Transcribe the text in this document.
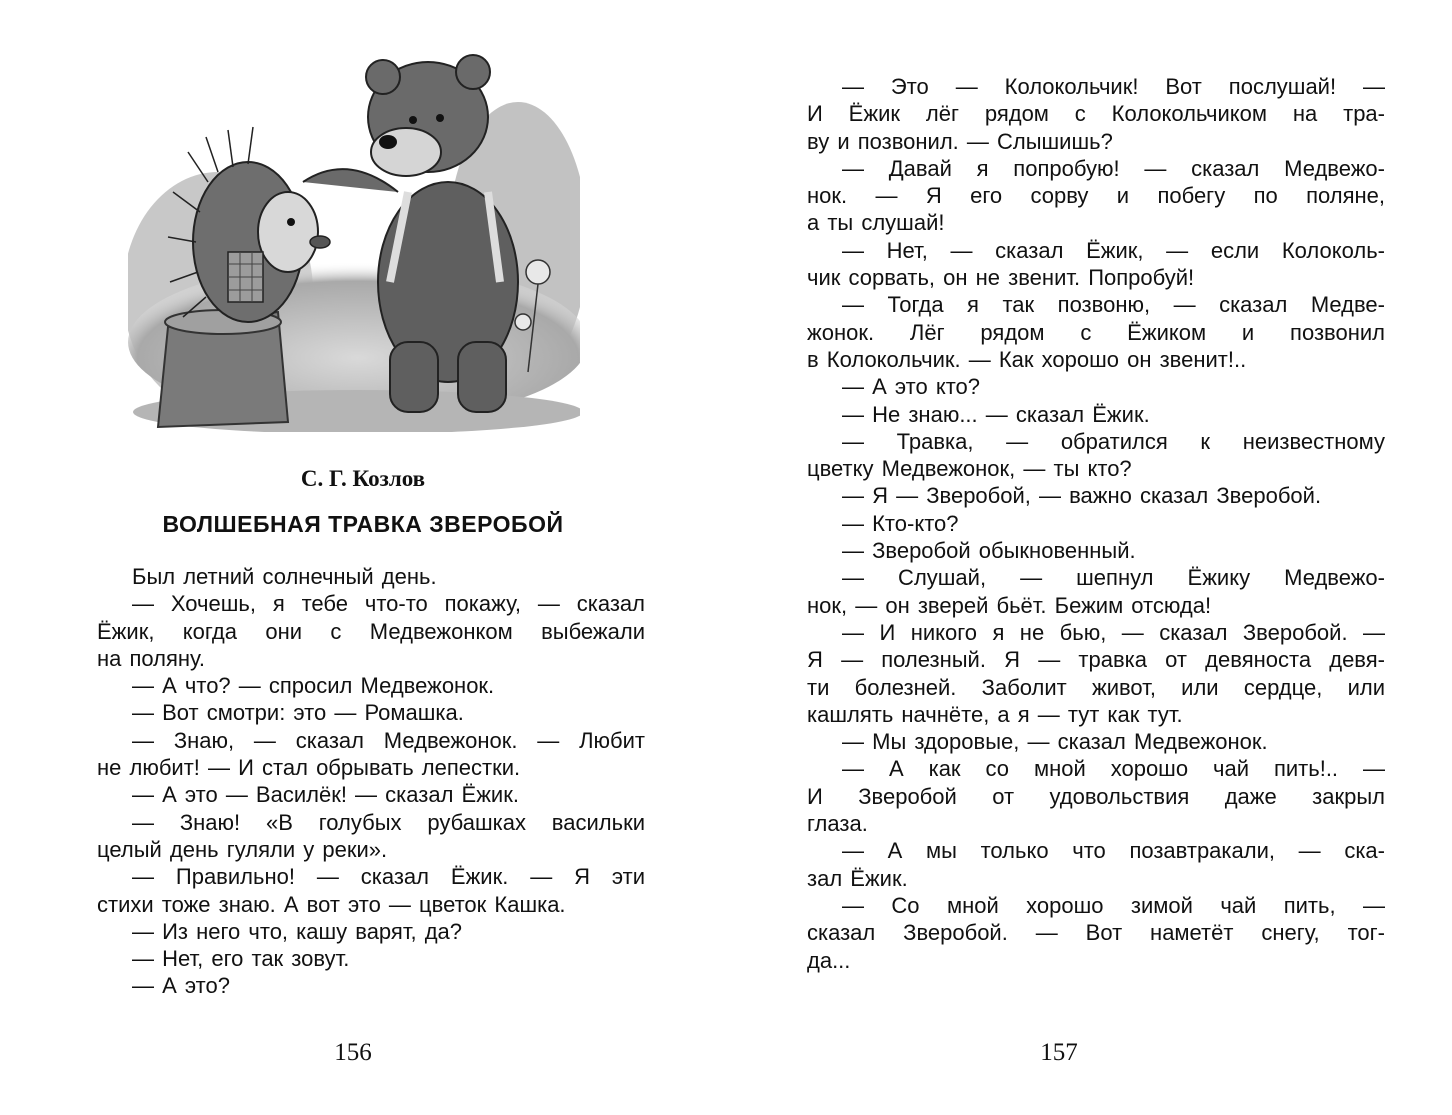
С. Г. Козлов
ВОЛШЕБНАЯ ТРАВКА ЗВЕРОБОЙ
Был летний солнечный день.
— Хочешь, я тебе что-то покажу, — сказал
Ёжик, когда они с Медвежонком выбежали
на поляну.
— А что? — спросил Медвежонок.
— Вот смотри: это — Ромашка.
— Знаю, — сказал Медвежонок. — Любит
не любит! — И стал обрывать лепестки.
— А это — Василёк! — сказал Ёжик.
— Знаю! «В голубых рубашках васильки
целый день гуляли у реки».
— Правильно! — сказал Ёжик. — Я эти
стихи тоже знаю. А вот это — цветок Кашка.
— Из него что, кашу варят, да?
— Нет, его так зовут.
— А это?
156
— Это — Колокольчик! Вот послушай! —
И Ёжик лёг рядом с Колокольчиком на тра-
ву и позвонил. — Слышишь?
— Давай я попробую! — сказал Медвежо-
нок. — Я его сорву и побегу по поляне,
а ты слушай!
— Нет, — сказал Ёжик, — если Колоколь-
чик сорвать, он не звенит. Попробуй!
— Тогда я так позвоню, — сказал Медве-
жонок. Лёг рядом с Ёжиком и позвонил
в Колокольчик. — Как хорошо он звенит!..
— А это кто?
— Не знаю... — сказал Ёжик.
— Травка, — обратился к неизвестному
цветку Медвежонок, — ты кто?
— Я — Зверобой, — важно сказал Зверобой.
— Кто-кто?
— Зверобой обыкновенный.
— Слушай, — шепнул Ёжику Медвежо-
нок, — он зверей бьёт. Бежим отсюда!
— И никого я не бью, — сказал Зверобой. —
Я — полезный. Я — травка от девяноста девя-
ти болезней. Заболит живот, или сердце, или
кашлять начнёте, а я — тут как тут.
— Мы здоровые, — сказал Медвежонок.
— А как со мной хорошо чай пить!.. —
И Зверобой от удовольствия даже закрыл
глаза.
— А мы только что позавтракали, — ска-
зал Ёжик.
— Со мной хорошо зимой чай пить, —
сказал Зверобой. — Вот наметёт снегу, тог-
да...
157
